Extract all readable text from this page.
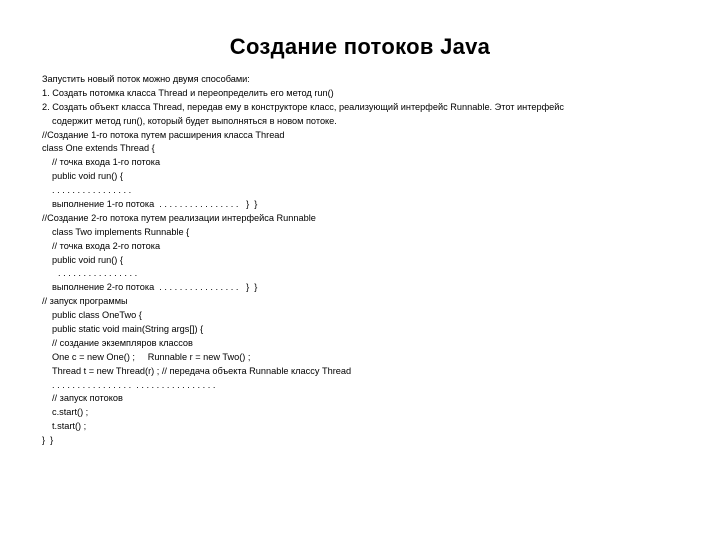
Создание потоков Java
Запустить новый поток можно двумя способами:
1. Создать потомка класса Thread и переопределить его метод run()
2. Создать объект класса Thread, передав ему в конструкторе класс, реализующий интерфейс Runnable. Этот интерфейс
содержит метод run(), который будет выполняться в новом потоке.
//Создание 1-го потока путем расширения класса Thread
class One extends Thread {
// точка входа 1-го потока
public void run() {
. . . . . . . . . . . . . . . .
выполнение 1-го потока  . . . . . . . . . . . . . . . .   }  }
//Создание 2-го потока путем реализации интерфейса Runnable
class Two implements Runnable {
// точка входа 2-го потока
public void run() {
. . . . . . . . . . . . . . . .
выполнение 2-го потока  . . . . . . . . . . . . . . . .   }  }
// запуск программы
public class OneTwo {
public static void main(String args[]) {
// создание экземпляров классов
One c = new One() ;     Runnable r = new Two() ;
Thread t = new Thread(r) ; // передача объекта Runnable классу Thread
. . . . . . . . . . . . . . . .  . . . . . . . . . . . . . . . .
// запуск потоков
c.start() ;
t.start() ;
}  }
